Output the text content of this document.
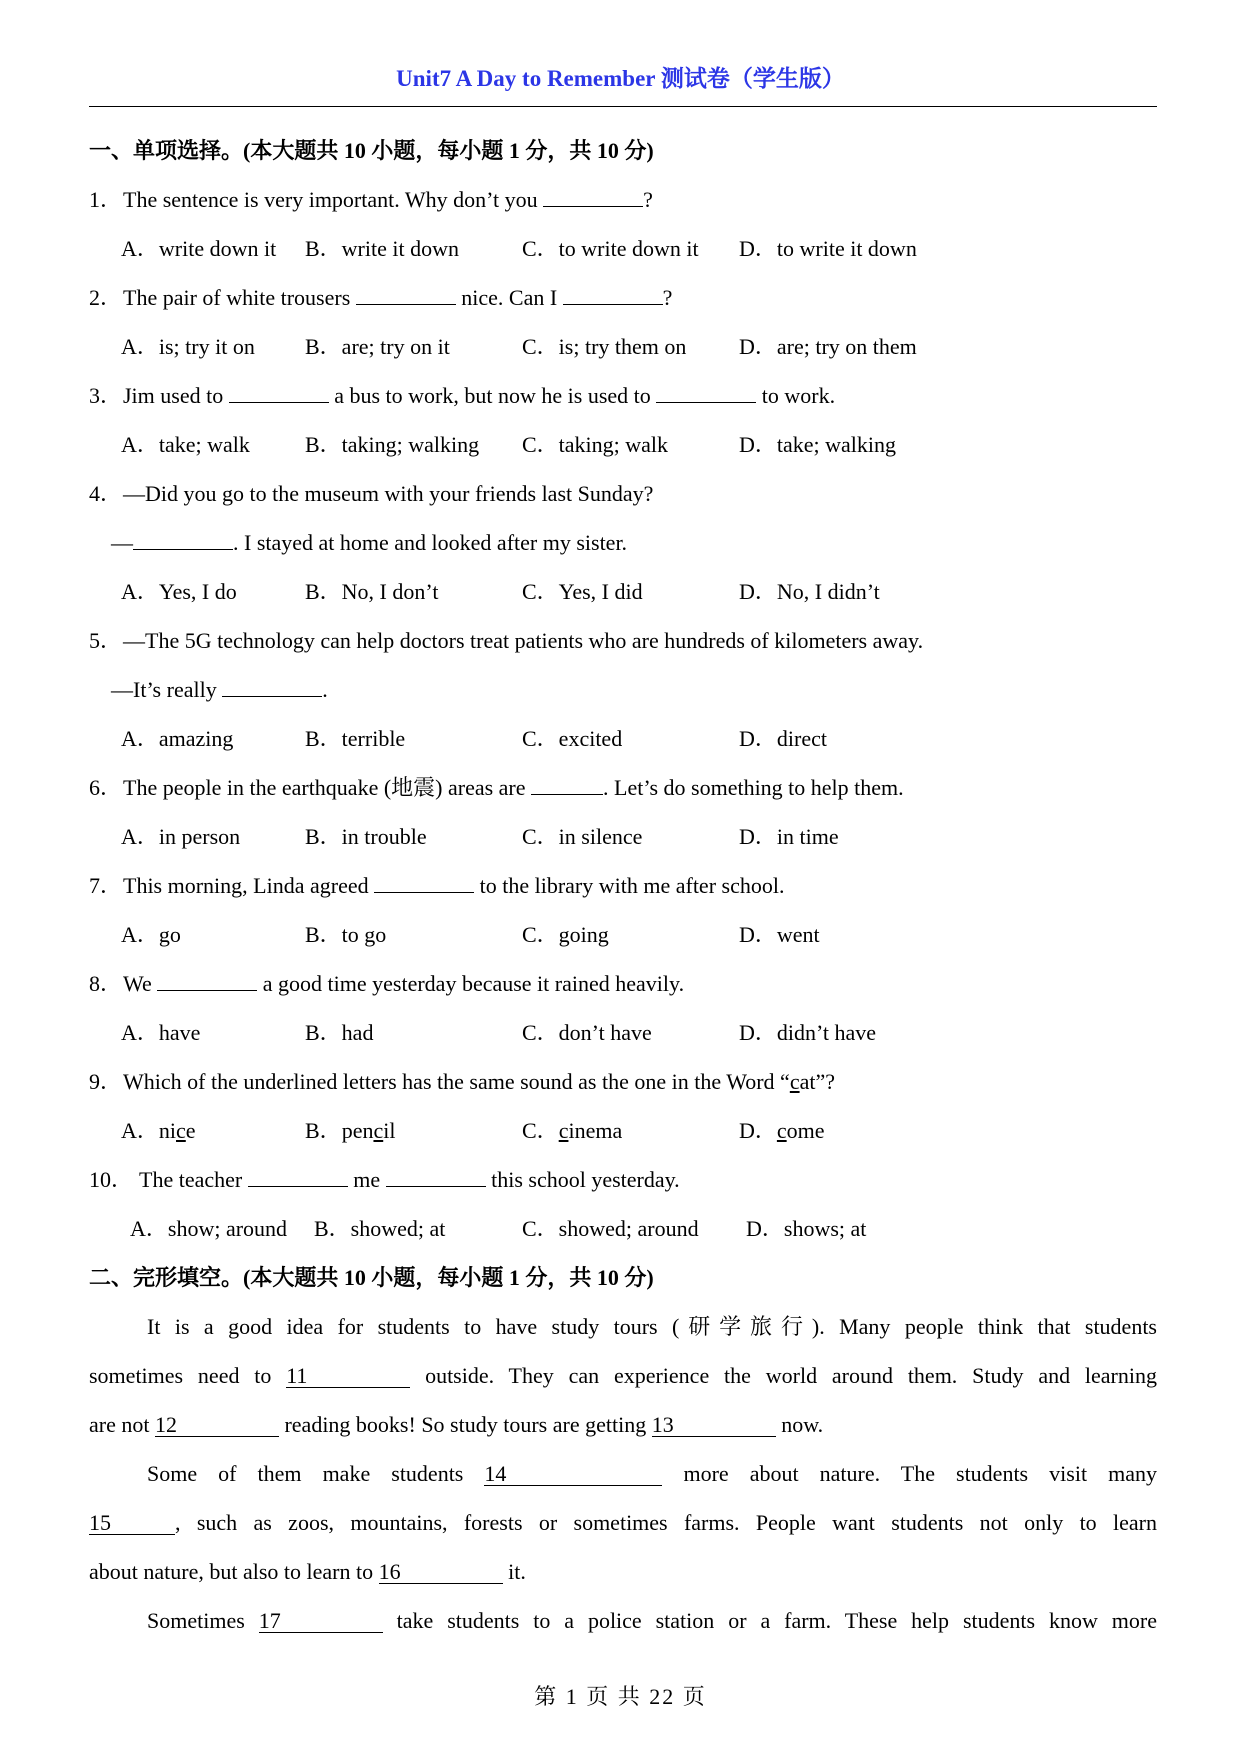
Unit7 A Day to Remember 测试卷（学生版）
一、单项选择。(本大题共 10 小题，每小题 1 分，共 10 分)
1．The sentence is very important. Why don’t you	?
A．write down it B．write it down	C．to write down it D．to write it down
2．The pair of white trousers	nice. Can I	?
A．is; try it on B．are; try on it	C．is; try them on D．are; try on them
3．Jim used to	a bus to work, but now he is used to	to work.
A．take; walk	B．taking; walking C．taking; walk	D．take; walking
4．—Did you go to the museum with your friends last Sunday?
—	. I stayed at home and looked after my sister.
A．Yes, I do	B．No, I don’t	C．Yes, I did	D．No, I didn’t
5．—The 5G technology can help doctors treat patients who are hundreds of kilometers away.
—It’s really	.
A．amazing	B．terrible	C．excited	D．direct
6．The people in the earthquake (地震) areas are	. Let’s do something to help them.
A．in person	B．in trouble	C．in silence	D．in time
7．This morning, Linda agreed	to the library with me after school.
A．go	B．to go	C．going	D．went
8．We	a good time yesterday because it rained heavily.
A．have	B．had	C．don’t have	D．didn’t have
9．Which of the underlined letters has the same sound as the one in the Word “cat”?
A．nice	B．pencil	C．cinema	D．come
10． The teacher	me	this school yesterday.
A．show; around B．showed; at	C．showed; around D．shows; at
二、完形填空。(本大题共 10 小题，每小题 1 分，共 10 分)
It is a good idea for students to have study tours (研学旅行). Many people think that students
sometimes need to 11	outside. They can experience the world around them. Study and learning
are not 12	reading books! So study tours are getting 13	now.
Some of them make students 14	more about nature. The students visit many
15	, such as zoos, mountains, forests or sometimes farms. People want students not only to learn
about nature, but also to learn to 16	it.
Sometimes 17	take students to a police station or a farm. These help students know more
第 1 页 共 22 页
